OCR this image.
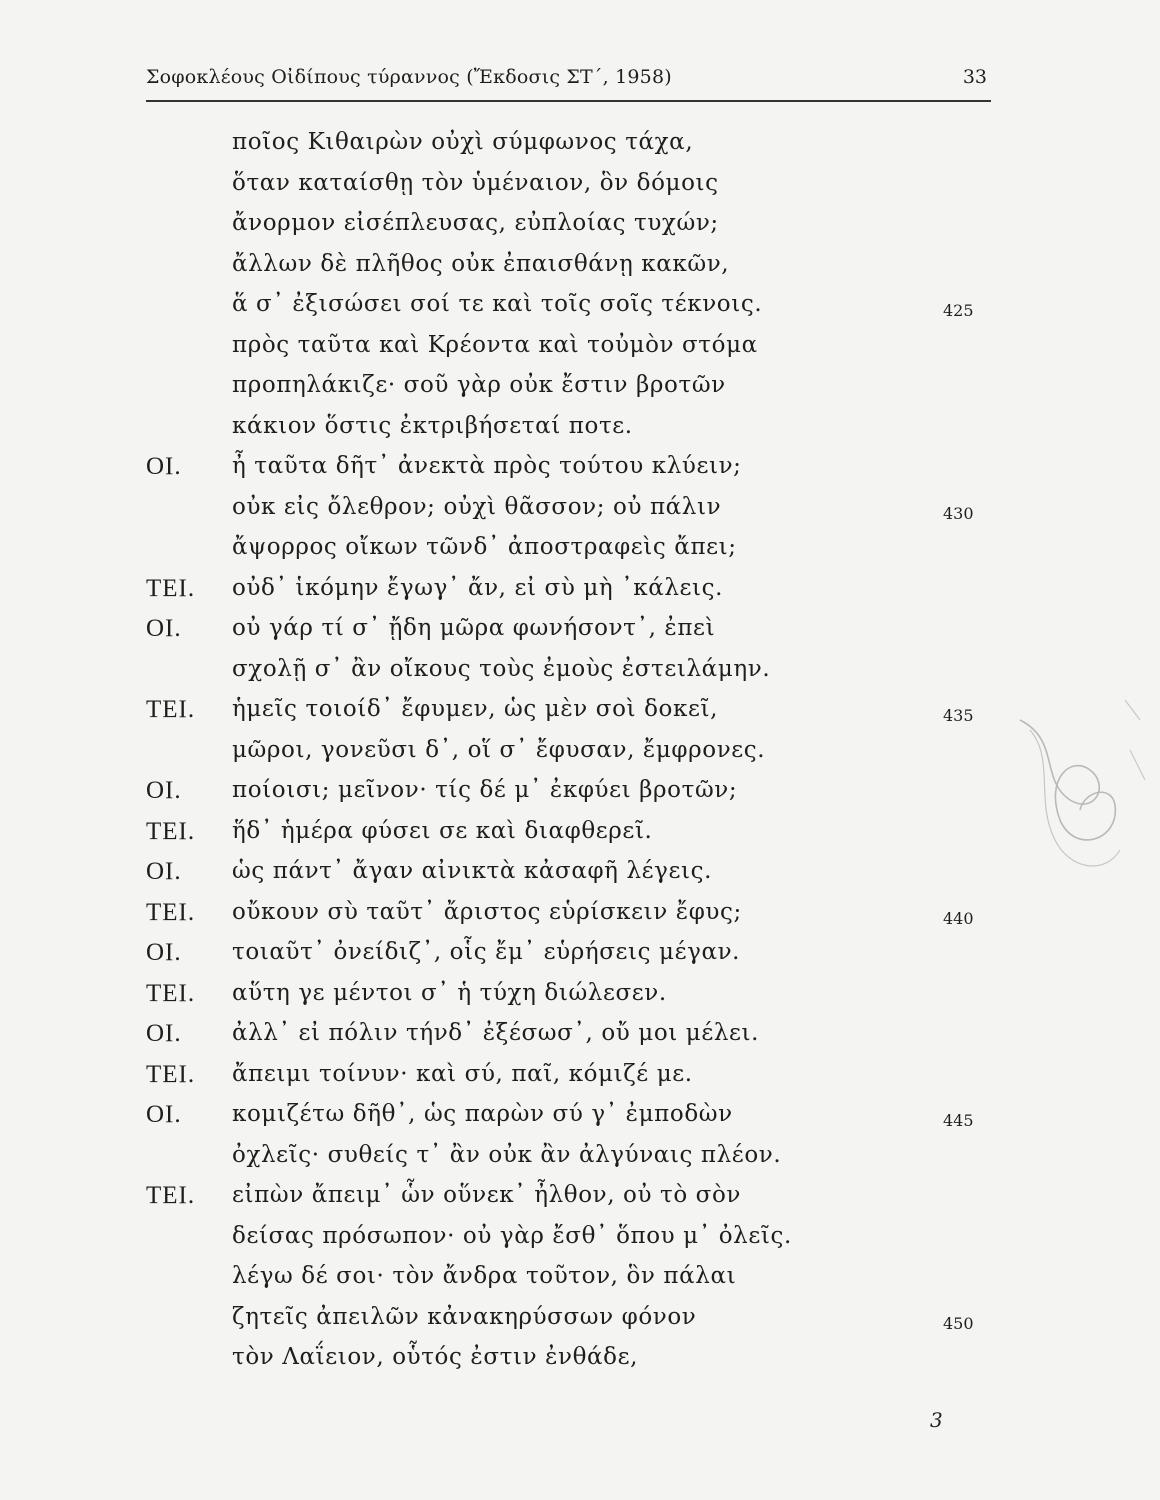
Σοφοκλέους Οἰδίπους τύραννος (Ἔκδοσις ΣΤ΄, 1958)	33
ποῖος Κιθαιρὼν οὐχὶ σύμφωνος τάχα,
ὅταν καταίσθῃ τὸν ὑμέναιον, ὃν δόμοις
ἄνορμον εἰσέπλευσας, εὐπλοίας τυχών;
ἄλλων δὲ πλῆθος οὐκ ἐπαισθάνῃ κακῶν,
ἅ σ᾽ ἐξισώσει σοί τε καὶ τοῖς σοῖς τέκνοις.	425
πρὸς ταῦτα καὶ Κρέοντα καὶ τοὐμὸν στόμα
προπηλάκιζε· σοῦ γὰρ οὐκ ἔστιν βροτῶν
κάκιον ὅστις ἐκτριβήσεταί ποτε.
ΟΙ. ἦ ταῦτα δῆτ᾽ ἀνεκτὰ πρὸς τούτου κλύειν;
οὐκ εἰς ὄλεθρον; οὐχὶ θᾶσσον; οὐ πάλιν	430
ἄψορρος οἴκων τῶνδ᾽ ἀποστραφεὶς ἄπει;
ΤΕΙ. οὐδ᾽ ἱκόμην ἔγωγ᾽ ἄν, εἰ σὺ μὴ ᾽κάλεις.
ΟΙ. οὐ γάρ τί σ᾽ ᾔδη μῶρα φωνήσοντ᾽, ἐπεὶ
σχολῇ σ᾽ ἂν οἴκους τοὺς ἐμοὺς ἐστειλάμην.
ΤΕΙ. ἡμεῖς τοιοίδ᾽ ἔφυμεν, ὡς μὲν σοὶ δοκεῖ,	435
μῶροι, γονεῦσι δ᾽, οἵ σ᾽ ἔφυσαν, ἔμφρονες.
ΟΙ. ποίοισι; μεῖνον· τίς δέ μ᾽ ἐκφύει βροτῶν;
ΤΕΙ. ἥδ᾽ ἡμέρα φύσει σε καὶ διαφθερεῖ.
ΟΙ. ὡς πάντ᾽ ἄγαν αἰνικτὰ κἀσαφῆ λέγεις.
ΤΕΙ. οὔκουν σὺ ταῦτ᾽ ἄριστος εὑρίσκειν ἔφυς;	440
ΟΙ. τοιαῦτ᾽ ὀνείδιζ᾽, οἷς ἔμ᾽ εὑρήσεις μέγαν.
ΤΕΙ. αὕτη γε μέντοι σ᾽ ἡ τύχη διώλεσεν.
ΟΙ. ἀλλ᾽ εἰ πόλιν τήνδ᾽ ἐξέσωσ᾽, οὔ μοι μέλει.
ΤΕΙ. ἄπειμι τοίνυν· καὶ σύ, παῖ, κόμιζέ με.
ΟΙ. κομιζέτω δῆθ᾽, ὡς παρὼν σύ γ᾽ ἐμποδὼν	445
ὀχλεῖς· συθείς τ᾽ ἂν οὐκ ἂν ἀλγύναις πλέον.
ΤΕΙ. εἰπὼν ἄπειμ᾽ ὧν οὕνεκ᾽ ἦλθον, οὐ τὸ σὸν
δείσας πρόσωπον· οὐ γὰρ ἔσθ᾽ ὅπου μ᾽ ὀλεῖς.
λέγω δέ σοι· τὸν ἄνδρα τοῦτον, ὃν πάλαι
ζητεῖς ἀπειλῶν κἀνακηρύσσων φόνον	450
τὸν Λαΐειον, οὗτός ἐστιν ἐνθάδε,
3
